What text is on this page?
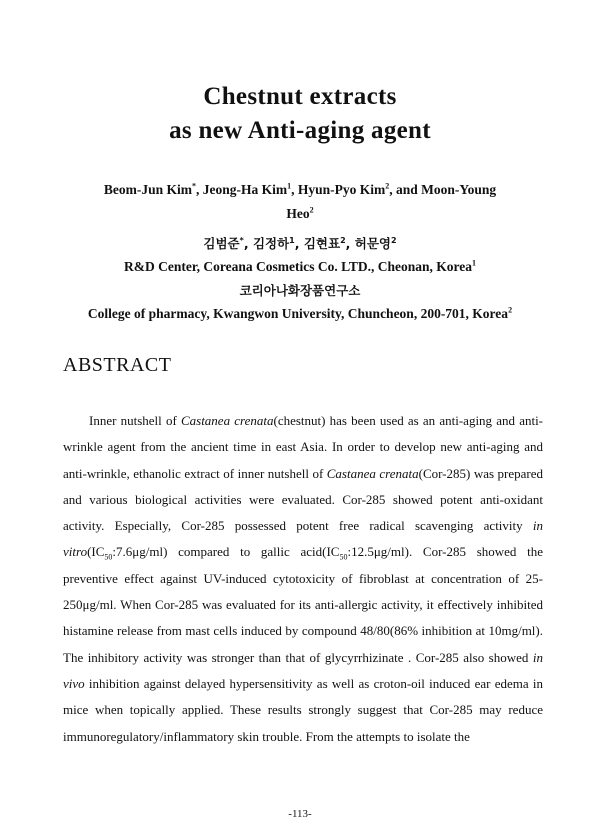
Chestnut extracts
as new Anti-aging agent
Beom-Jun Kim*, Jeong-Ha Kim$^1$, Hyun-Pyo Kim$^2$, and Moon-Young
Heo$^2$
김범준*, 김정하$^1$, 김현표$^2$, 허문영$^2$
R&D Center, Coreana Cosmetics Co. LTD., Cheonan, Korea$^1$
코리아나화장품연구소
College of pharmacy, Kwangwon University, Chuncheon, 200-701, Korea$^2$
ABSTRACT
Inner nutshell of Castanea crenata(chestnut) has been used as an anti-aging and anti-wrinkle agent from the ancient time in east Asia. In order to develop new anti-aging and anti-wrinkle, ethanolic extract of inner nutshell of Castanea crenata(Cor-285) was prepared and various biological activities were evaluated. Cor-285 showed potent anti-oxidant activity. Especially, Cor-285 possessed potent free radical scavenging activity in $vitro(IC_{50}:7.6\mu g/ml)$ compared to gallic $acid(IC_{50}:12.5\mu g/ml)$. Cor-285 showed the preventive effect against UV-induced cytotoxicity of fibroblast at concentration of 25-250μg/ml. When Cor-285 was evaluated for its anti-allergic activity, it effectively inhibited histamine release from mast cells induced by compound 48/80(86% inhibition at 10mg/ml). The inhibitory activity was stronger than that of glycyrrhizinate . Cor-285 also showed in vivo inhibition against delayed hypersensitivity as well as croton-oil induced ear edema in mice when topically applied. These results strongly suggest that Cor-285 may reduce immunoregulatory/inflammatory skin trouble. From the attempts to isolate the
-113-
